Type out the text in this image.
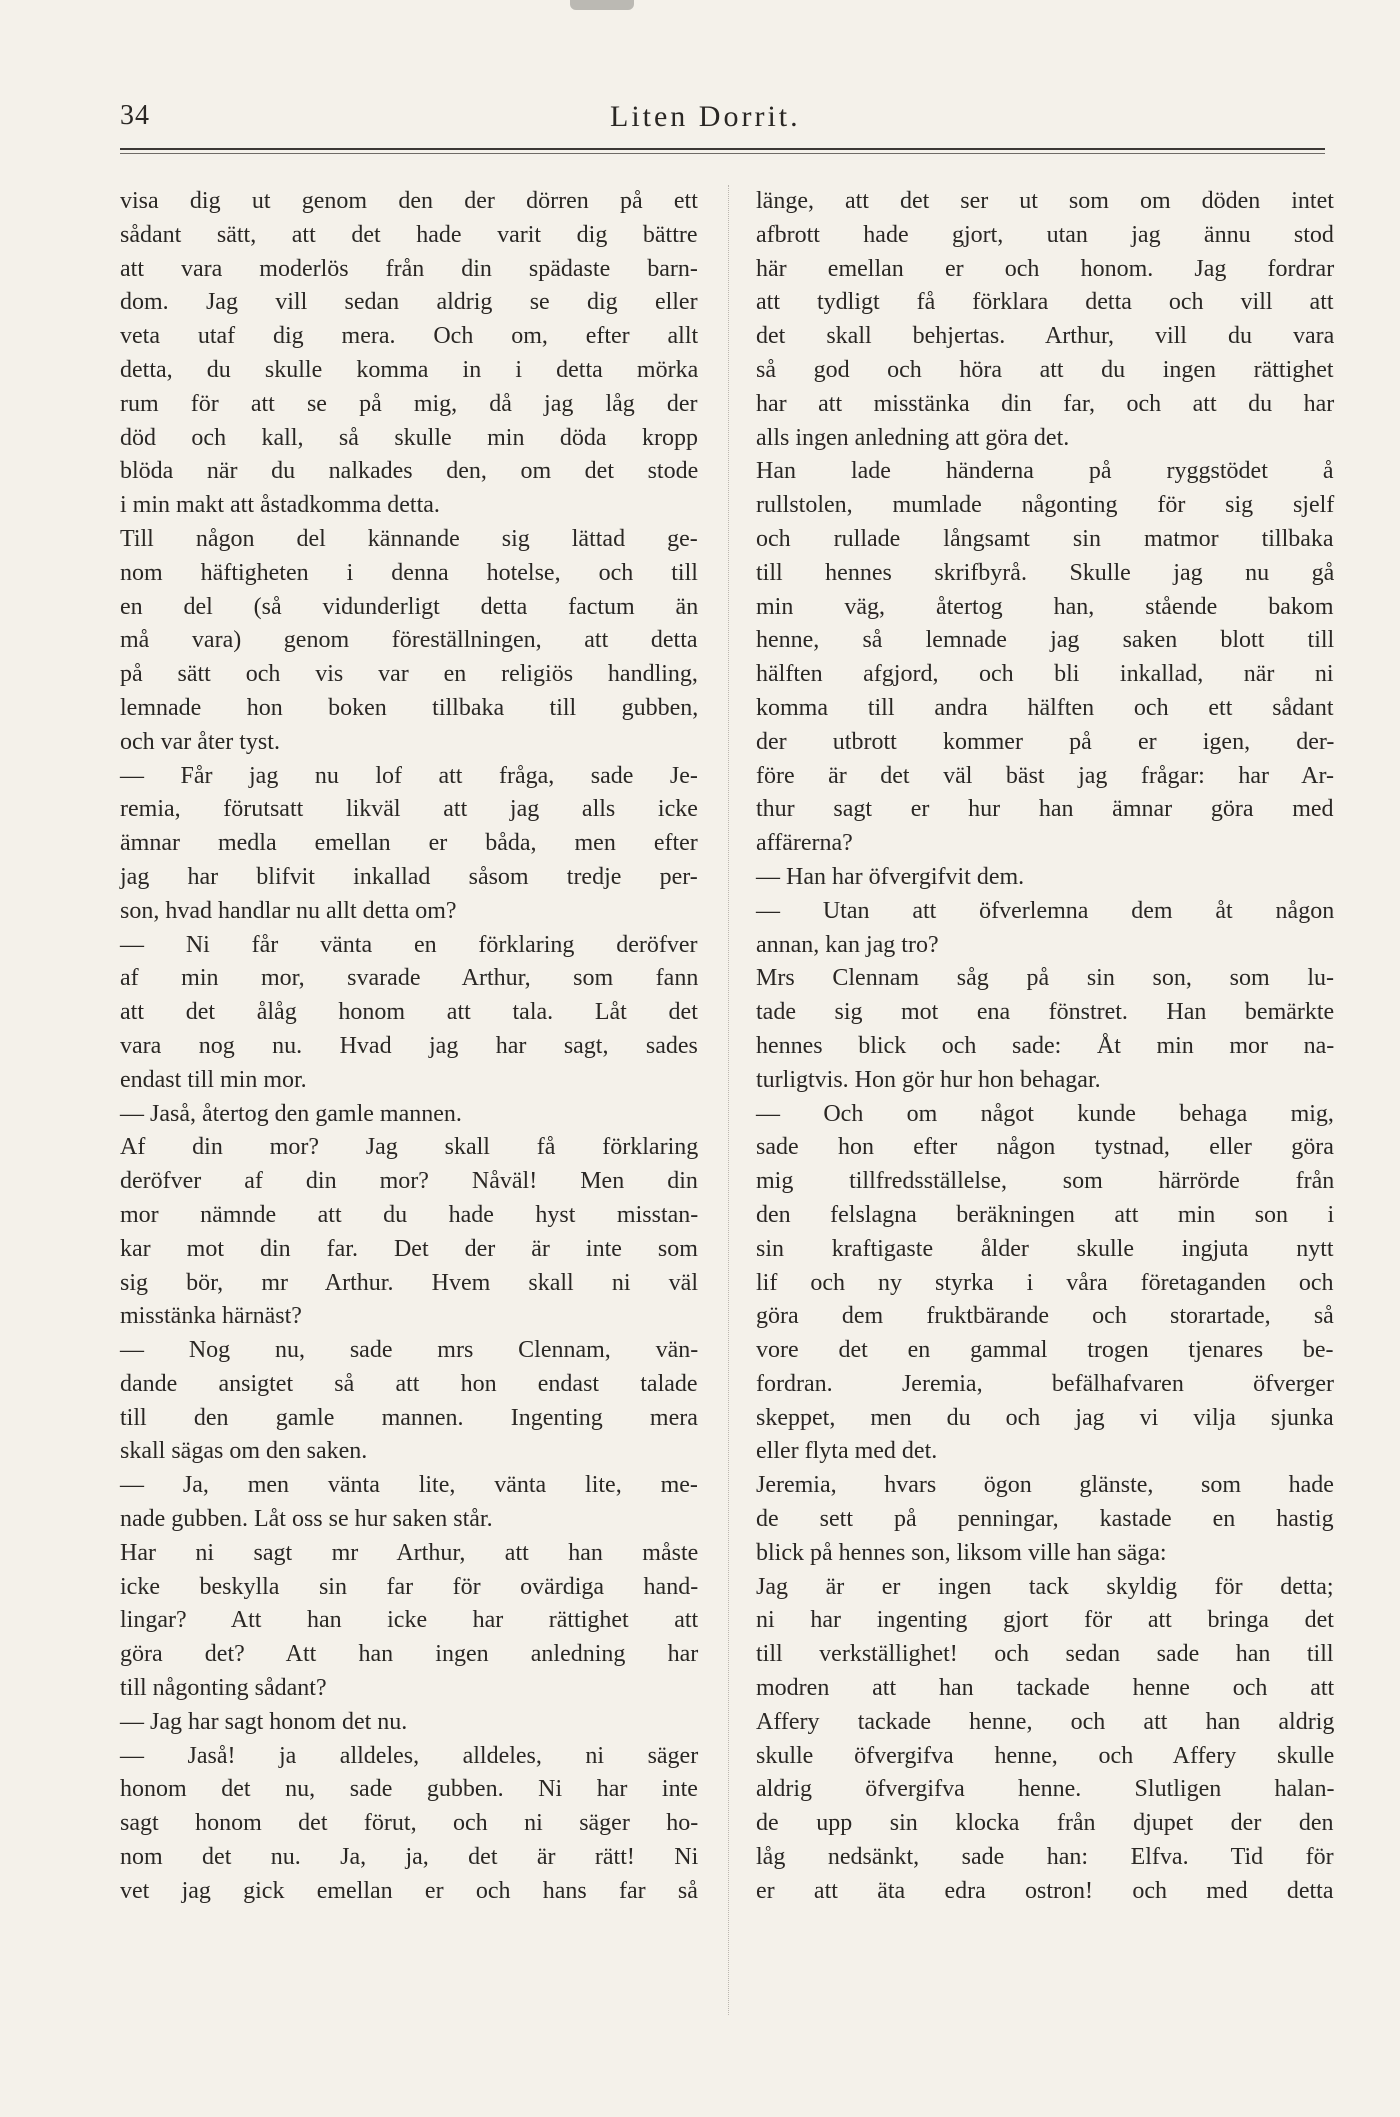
34	Liten Dorrit.
visa dig ut genom den der dörren på ett
sådant sätt, att det hade varit dig bättre
att vara moderlös från din spädaste barn-
dom. Jag vill sedan aldrig se dig eller
veta utaf dig mera. Och om, efter allt
detta, du skulle komma in i detta mörka
rum för att se på mig, då jag låg der
död och kall, så skulle min döda kropp
blöda när du nalkades den, om det stode
i min makt att åstadkomma detta.
Till någon del kännande sig lättad ge-
nom häftigheten i denna hotelse, och till
en del (så vidunderligt detta factum än
må vara) genom föreställningen, att detta
på sätt och vis var en religiös handling,
lemnade hon boken tillbaka till gubben,
och var åter tyst.
— Får jag nu lof att fråga, sade Je-
remia, förutsatt likväl att jag alls icke
ämnar medla emellan er båda, men efter
jag har blifvit inkallad såsom tredje per-
son, hvad handlar nu allt detta om?
— Ni får vänta en förklaring deröfver
af min mor, svarade Arthur, som fann
att det ålåg honom att tala. Låt det
vara nog nu. Hvad jag har sagt, sades
endast till min mor.
— Jaså, återtog den gamle mannen.
Af din mor? Jag skall få förklaring
deröfver af din mor? Nåväl! Men din
mor nämnde att du hade hyst misstan-
kar mot din far. Det der är inte som
sig bör, mr Arthur. Hvem skall ni väl
misstänka härnäst?
— Nog nu, sade mrs Clennam, vän-
dande ansigtet så att hon endast talade
till den gamle mannen. Ingenting mera
skall sägas om den saken.
— Ja, men vänta lite, vänta lite, me-
nade gubben. Låt oss se hur saken står.
Har ni sagt mr Arthur, att han måste
icke beskylla sin far för ovärdiga hand-
lingar? Att han icke har rättighet att
göra det? Att han ingen anledning har
till någonting sådant?
— Jag har sagt honom det nu.
— Jaså! ja alldeles, alldeles, ni säger
honom det nu, sade gubben. Ni har inte
sagt honom det förut, och ni säger ho-
nom det nu. Ja, ja, det är rätt! Ni
vet jag gick emellan er och hans far så
länge, att det ser ut som om döden intet
afbrott hade gjort, utan jag ännu stod
här emellan er och honom. Jag fordrar
att tydligt få förklara detta och vill att
det skall behjertas. Arthur, vill du vara
så god och höra att du ingen rättighet
har att misstänka din far, och att du har
alls ingen anledning att göra det.
Han lade händerna på ryggstödet å
rullstolen, mumlade någonting för sig sjelf
och rullade långsamt sin matmor tillbaka
till hennes skrifbyrå. Skulle jag nu gå
min väg, återtog han, stående bakom
henne, så lemnade jag saken blott till
hälften afgjord, och bli inkallad, när ni
komma till andra hälften och ett sådant
der utbrott kommer på er igen, der-
före är det väl bäst jag frågar: har Ar-
thur sagt er hur han ämnar göra med
affärerna?
— Han har öfvergifvit dem.
— Utan att öfverlemna dem åt någon
annan, kan jag tro?
Mrs Clennam såg på sin son, som lu-
tade sig mot ena fönstret. Han bemärkte
hennes blick och sade: Åt min mor na-
turligtvis. Hon gör hur hon behagar.
— Och om något kunde behaga mig,
sade hon efter någon tystnad, eller göra
mig tillfredsställelse, som härrörde från
den felslagna beräkningen att min son i
sin kraftigaste ålder skulle ingjuta nytt
lif och ny styrka i våra företaganden och
göra dem fruktbärande och storartade, så
vore det en gammal trogen tjenares be-
fordran. Jeremia, befälhafvaren öfverger
skeppet, men du och jag vi vilja sjunka
eller flyta med det.
Jeremia, hvars ögon glänste, som hade
de sett på penningar, kastade en hastig
blick på hennes son, liksom ville han säga:
Jag är er ingen tack skyldig för detta;
ni har ingenting gjort för att bringa det
till verkställighet! och sedan sade han till
modren att han tackade henne och att
Affery tackade henne, och att han aldrig
skulle öfvergifva henne, och Affery skulle
aldrig öfvergifva henne. Slutligen halan-
de upp sin klocka från djupet der den
låg nedsänkt, sade han: Elfva. Tid för
er att äta edra ostron! och med detta
